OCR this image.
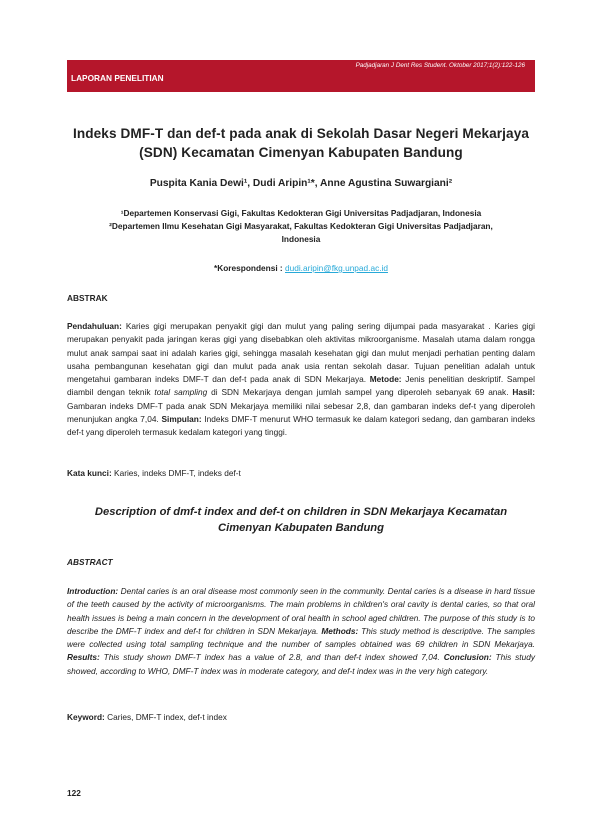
Padjadjaran J Dent Res Student. Oktober 2017;1(2):122-126
LAPORAN PENELITIAN
Indeks DMF-T dan def-t pada anak di Sekolah Dasar Negeri Mekarjaya (SDN) Kecamatan Cimenyan Kabupaten Bandung
Puspita Kania Dewi¹, Dudi Aripin¹*, Anne Agustina Suwargiani²
¹Departemen Konservasi Gigi, Fakultas Kedokteran Gigi Universitas Padjadjaran, Indonesia
²Departemen Ilmu Kesehatan Gigi Masyarakat, Fakultas Kedokteran Gigi Universitas Padjadjaran, Indonesia
*Korespondensi : dudi.aripin@fkg.unpad.ac.id
ABSTRAK

Pendahuluan: Karies gigi merupakan penyakit gigi dan mulut yang paling sering dijumpai pada masyarakat . Karies gigi merupakan penyakit pada jaringan keras gigi yang disebabkan oleh aktivitas mikroorganisme. Masalah utama dalam rongga mulut anak sampai saat ini adalah karies gigi, sehingga masalah kesehatan gigi dan mulut menjadi perhatian penting dalam usaha pembangunan kesehatan gigi dan mulut pada anak usia rentan sekolah dasar. Tujuan penelitian adalah untuk mengetahui gambaran indeks DMF-T dan def-t pada anak di SDN Mekarjaya. Metode: Jenis penelitian deskriptif. Sampel diambil dengan teknik total sampling di SDN Mekarjaya dengan jumlah sampel yang diperoleh sebanyak 69 anak. Hasil: Gambaran indeks DMF-T pada anak SDN Mekarjaya memiliki nilai sebesar 2,8, dan gambaran indeks def-t yang diperoleh menunjukan angka 7,04. Simpulan: Indeks DMF-T menurut WHO termasuk ke dalam kategori sedang, dan gambaran indeks def-t yang diperoleh termasuk kedalam kategori yang tinggi.

Kata kunci: Karies, indeks DMF-T, indeks def-t
Description of dmf-t index and def-t on children in SDN Mekarjaya Kecamatan Cimenyan Kabupaten Bandung
ABSTRACT

Introduction: Dental caries is an oral disease most commonly seen in the community. Dental caries is a disease in hard tissue of the teeth caused by the activity of microorganisms. The main problems in children's oral cavity is dental caries, so that oral health issues is being a main concern in the development of oral health in school aged children. The purpose of this study is to describe the DMF-T index and def-t for children in SDN Mekarjaya. Methods: This study method is descriptive. The samples were collected using total sampling technique and the number of samples obtained was 69 children in SDN Mekarjaya. Results: This study shown DMF-T index has a value of 2.8, and than def-t index showed 7,04. Conclusion: This study showed, according to WHO, DMF-T index was in moderate category, and def-t index was in the very high category.

Keyword: Caries, DMF-T index, def-t index
122
